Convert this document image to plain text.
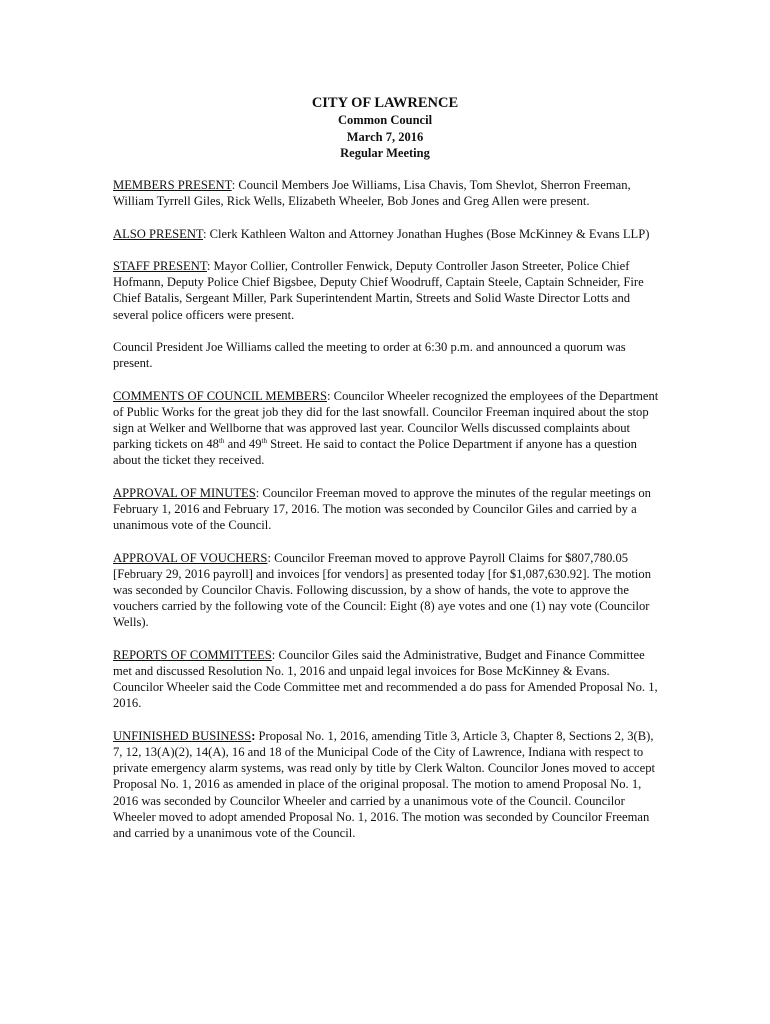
CITY OF LAWRENCE
Common Council
March 7, 2016
Regular Meeting

MEMBERS PRESENT: Council Members Joe Williams, Lisa Chavis, Tom Shevlot, Sherron Freeman, William Tyrrell Giles, Rick Wells, Elizabeth Wheeler, Bob Jones and Greg Allen were present.

ALSO PRESENT: Clerk Kathleen Walton and Attorney Jonathan Hughes (Bose McKinney & Evans LLP)

STAFF PRESENT: Mayor Collier, Controller Fenwick, Deputy Controller Jason Streeter, Police Chief Hofmann, Deputy Police Chief Bigsbee, Deputy Chief Woodruff, Captain Steele, Captain Schneider, Fire Chief Batalis, Sergeant Miller, Park Superintendent Martin, Streets and Solid Waste Director Lotts and several police officers were present.

Council President Joe Williams called the meeting to order at 6:30 p.m. and announced a quorum was present.

COMMENTS OF COUNCIL MEMBERS: Councilor Wheeler recognized the employees of the Department of Public Works for the great job they did for the last snowfall. Councilor Freeman inquired about the stop sign at Welker and Wellborne that was approved last year. Councilor Wells discussed complaints about parking tickets on 48th and 49th Street. He said to contact the Police Department if anyone has a question about the ticket they received.

APPROVAL OF MINUTES: Councilor Freeman moved to approve the minutes of the regular meetings on February 1, 2016 and February 17, 2016. The motion was seconded by Councilor Giles and carried by a unanimous vote of the Council.

APPROVAL OF VOUCHERS: Councilor Freeman moved to approve Payroll Claims for $807,780.05 [February 29, 2016 payroll] and invoices [for vendors] as presented today [for $1,087,630.92]. The motion was seconded by Councilor Chavis. Following discussion, by a show of hands, the vote to approve the vouchers carried by the following vote of the Council: Eight (8) aye votes and one (1) nay vote (Councilor Wells).

REPORTS OF COMMITTEES: Councilor Giles said the Administrative, Budget and Finance Committee met and discussed Resolution No. 1, 2016 and unpaid legal invoices for Bose McKinney & Evans. Councilor Wheeler said the Code Committee met and recommended a do pass for Amended Proposal No. 1, 2016.

UNFINISHED BUSINESS: Proposal No. 1, 2016, amending Title 3, Article 3, Chapter 8, Sections 2, 3(B), 7, 12, 13(A)(2), 14(A), 16 and 18 of the Municipal Code of the City of Lawrence, Indiana with respect to private emergency alarm systems, was read only by title by Clerk Walton. Councilor Jones moved to accept Proposal No. 1, 2016 as amended in place of the original proposal. The motion to amend Proposal No. 1, 2016 was seconded by Councilor Wheeler and carried by a unanimous vote of the Council. Councilor Wheeler moved to adopt amended Proposal No. 1, 2016. The motion was seconded by Councilor Freeman and carried by a unanimous vote of the Council.
